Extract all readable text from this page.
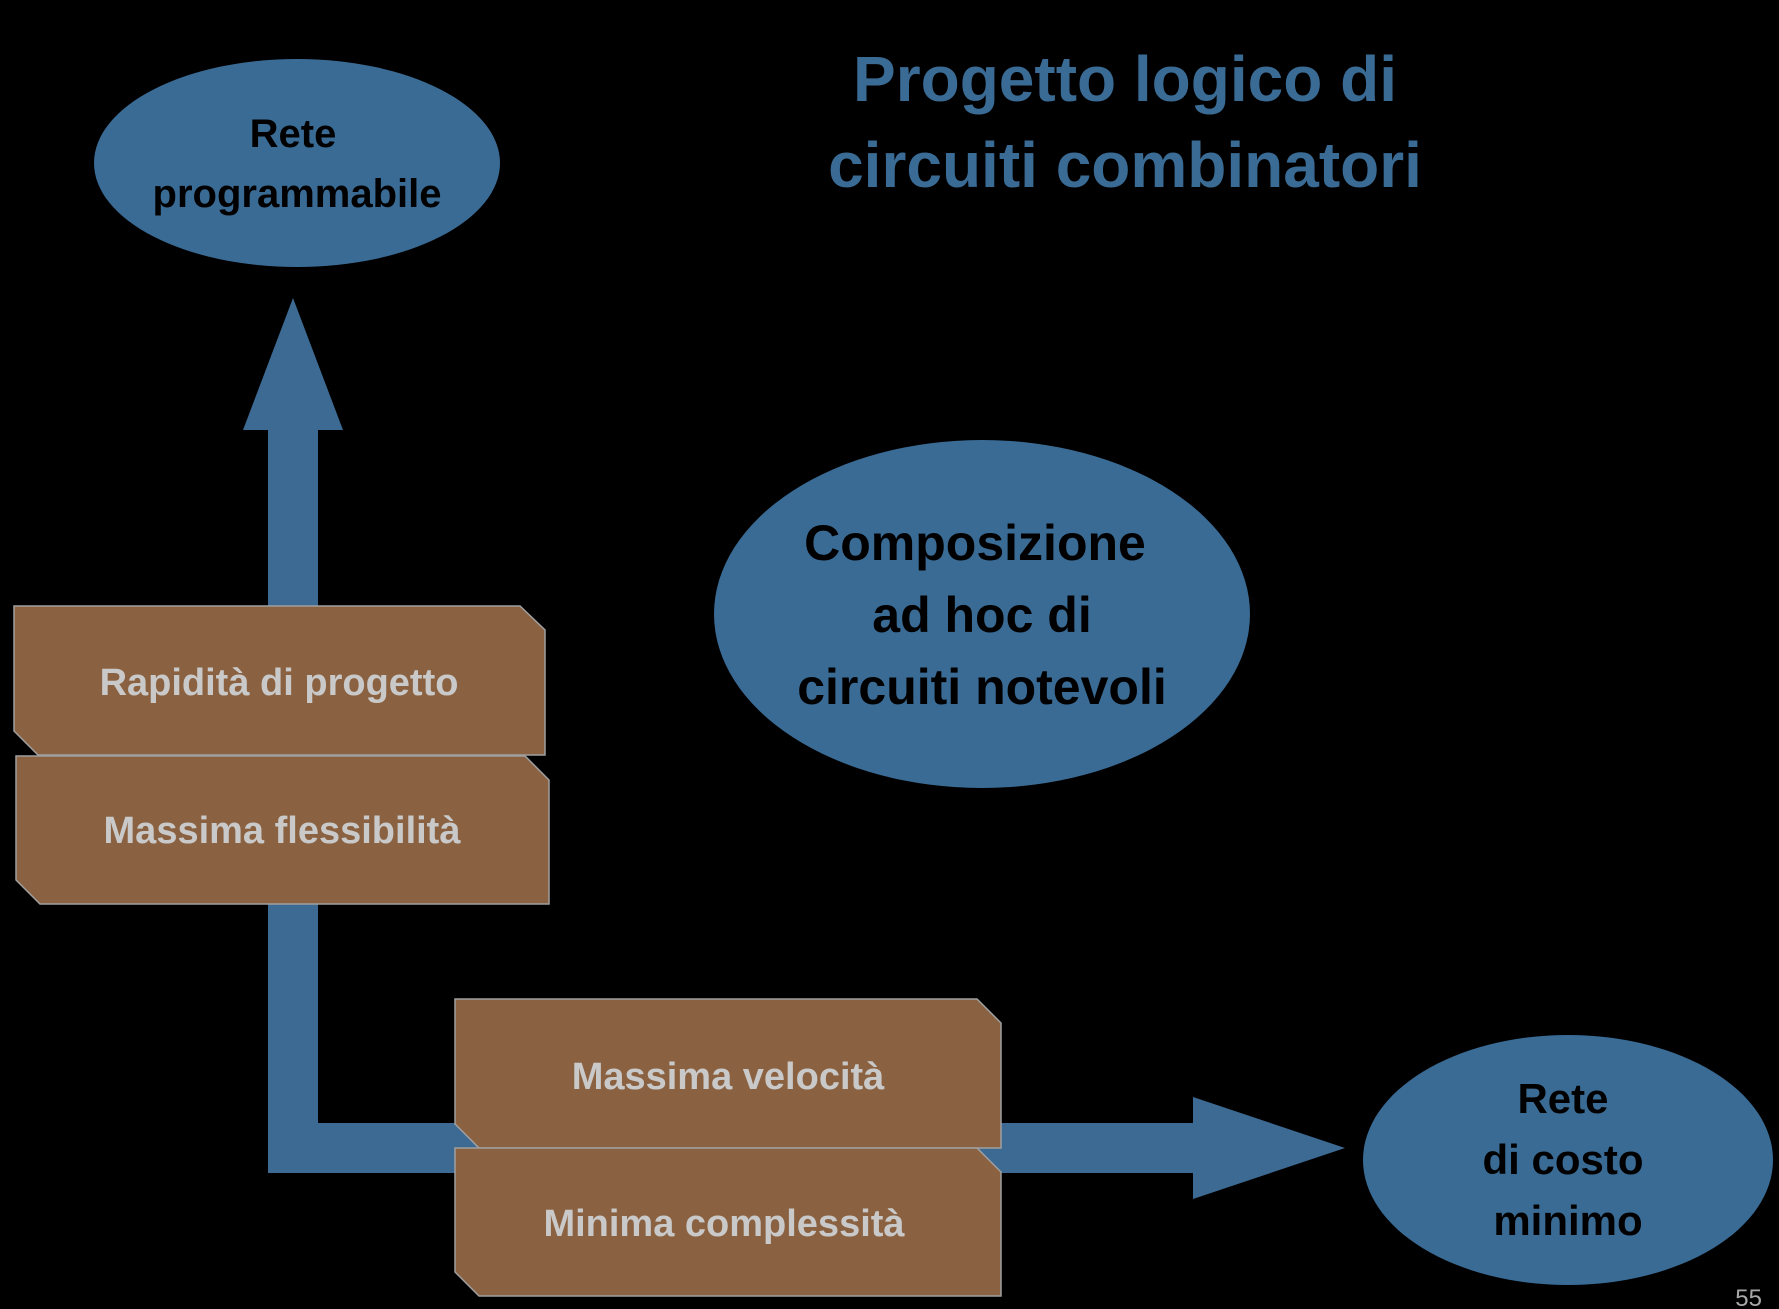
Progetto logico di
circuiti combinatori
Rete
programmabile
Composizione
ad hoc di
circuiti notevoli
Rete
di costo
minimo
Rapidità di progetto
Massima flessibilità
Massima velocità
Minima complessità
55
